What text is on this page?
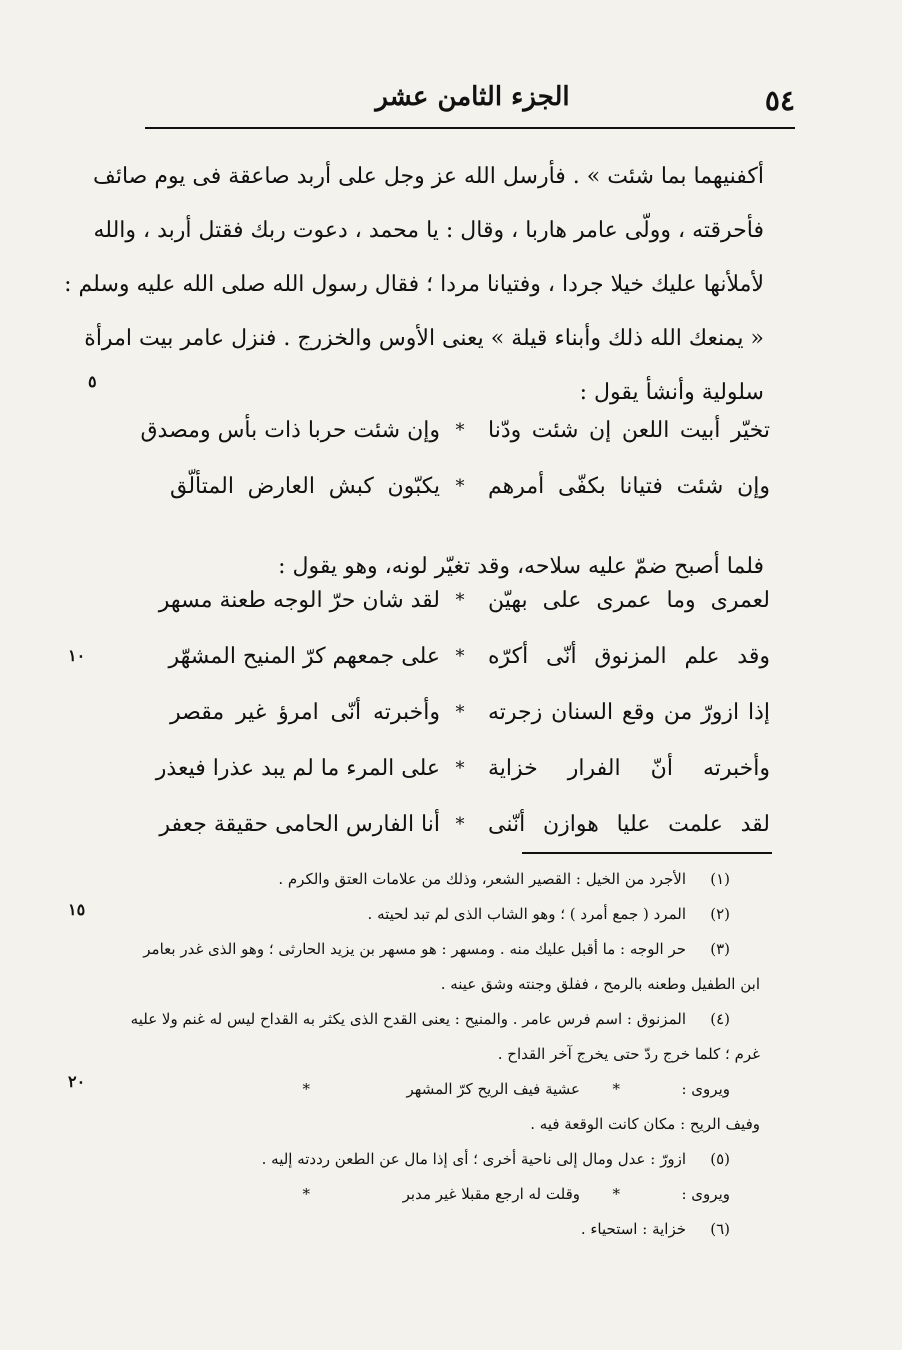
٥٤
الجزء الثامن عشر
أكفنيهما بما شئت » . فأرسل الله عز وجل على أربد صاعقة فى يوم صائف
فأحرقته ، وولّى عامر هاربا ، وقال : يا محمد ، دعوت ربك فقتل أربد ، والله
لأملأنها عليك خيلا جردا ، وفتيانا مردا ؛ فقال رسول الله صلى الله عليه وسلم :
« يمنعك الله ذلك وأبناء قيلة » يعنى الأوس والخزرج . فنزل عامر بيت امرأة
سلولية وأنشأ يقول :
تخيّر أبيت اللعن إن شئت ودّنا
*
وإن شئت حربا ذات بأس ومصدق
وإن شئت فتيانا بكفّى أمرهم
*
يكبّون كبش العارض المتألّق
فلما أصبح ضمّ عليه سلاحه، وقد تغيّر لونه، وهو يقول :
لعمرى وما عمرى على بهيّن
*
لقد شان حرّ الوجه طعنة مسهر
وقد علم المزنوق أنّى أكرّه
*
على جمعهم كرّ المنيح المشهّر
إذا ازورّ من وقع السنان زجرته
*
وأخبرته أنّى امرؤ غير مقصر
وأخبرته أنّ الفرار خزاية
*
على المرء ما لم يبد عذرا فيعذر
لقد علمت عليا هوازن أنّنى
*
أنا الفارس الحامى حقيقة جعفر
٥
١٠
١٥
٢٠
(١)
الأجرد من الخيل : القصير الشعر، وذلك من علامات العتق والكرم .
(٢)
المرد ( جمع أمرد ) ؛ وهو الشاب الذى لم تبد لحيته .
(٣)
حر الوجه : ما أقبل عليك منه . ومسهر : هو مسهر بن يزيد الحارثى ؛ وهو الذى غدر بعامر
ابن الطفيل وطعنه بالرمح ، ففلق وجنته وشق عينه .
(٤)
المزنوق : اسم فرس عامر . والمنيح : يعنى القدح الذى يكثر به القداح ليس له غنم ولا عليه
غرم ؛ كلما خرج ردّ حتى يخرج آخر القداح .
ويروى :
*
عشية فيف الريح كرّ المشهر
*
وفيف الريح : مكان كانت الوقعة فيه .
(٥)
ازورّ : عدل ومال إلى ناحية أخرى ؛ أى إذا مال عن الطعن رددته إليه .
ويروى :
*
وقلت له ارجع مقبلا غير مدبر
*
(٦)
خزاية : استحياء .
